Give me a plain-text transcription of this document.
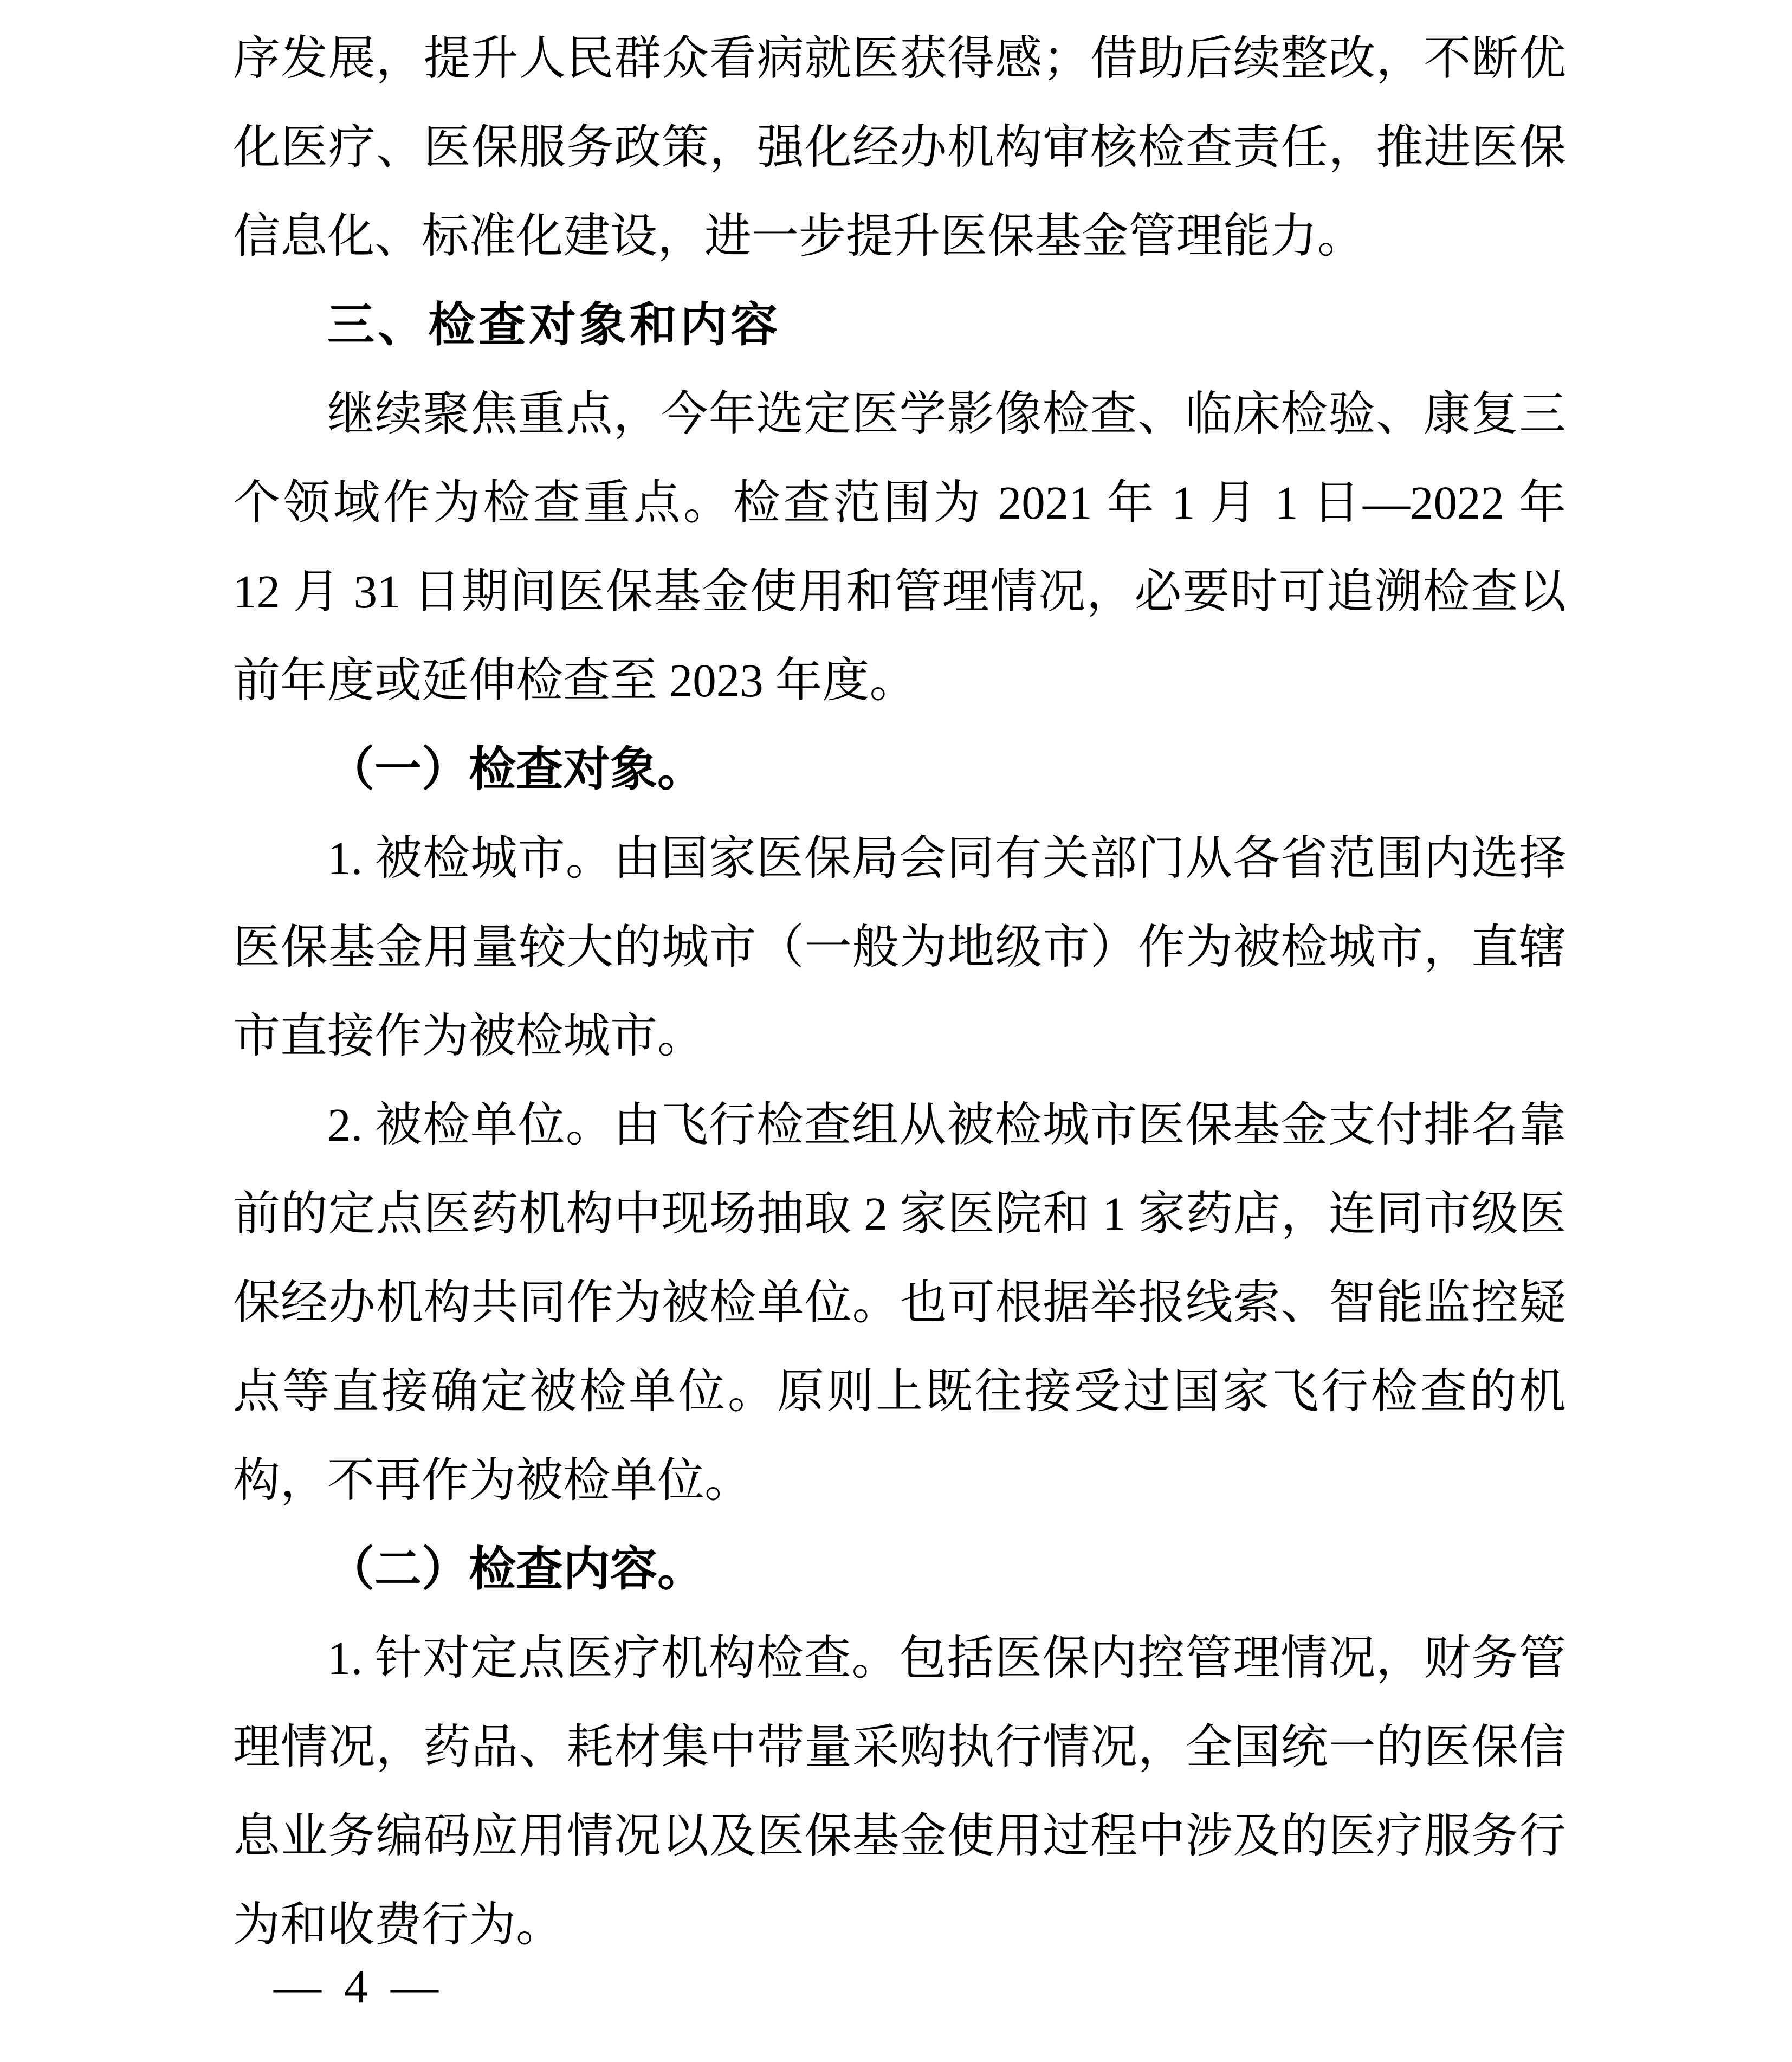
序发展，提升人民群众看病就医获得感；借助后续整改，不断优
化医疗、医保服务政策，强化经办机构审核检查责任，推进医保
信息化、标准化建设，进一步提升医保基金管理能力。
三、检查对象和内容
继续聚焦重点，今年选定医学影像检查、临床检验、康复三
个领域作为检查重点。检查范围为 2021 年 1 月 1 日—2022 年
12 月 31 日期间医保基金使用和管理情况，必要时可追溯检查以
前年度或延伸检查至 2023 年度。
（一）检查对象。
1. 被检城市。由国家医保局会同有关部门从各省范围内选择
医保基金用量较大的城市（一般为地级市）作为被检城市，直辖
市直接作为被检城市。
2. 被检单位。由飞行检查组从被检城市医保基金支付排名靠
前的定点医药机构中现场抽取 2 家医院和 1 家药店，连同市级医
保经办机构共同作为被检单位。也可根据举报线索、智能监控疑
点等直接确定被检单位。原则上既往接受过国家飞行检查的机
构，不再作为被检单位。
（二）检查内容。
1. 针对定点医疗机构检查。包括医保内控管理情况，财务管
理情况，药品、耗材集中带量采购执行情况，全国统一的医保信
息业务编码应用情况以及医保基金使用过程中涉及的医疗服务行
为和收费行为。
— 4 —
